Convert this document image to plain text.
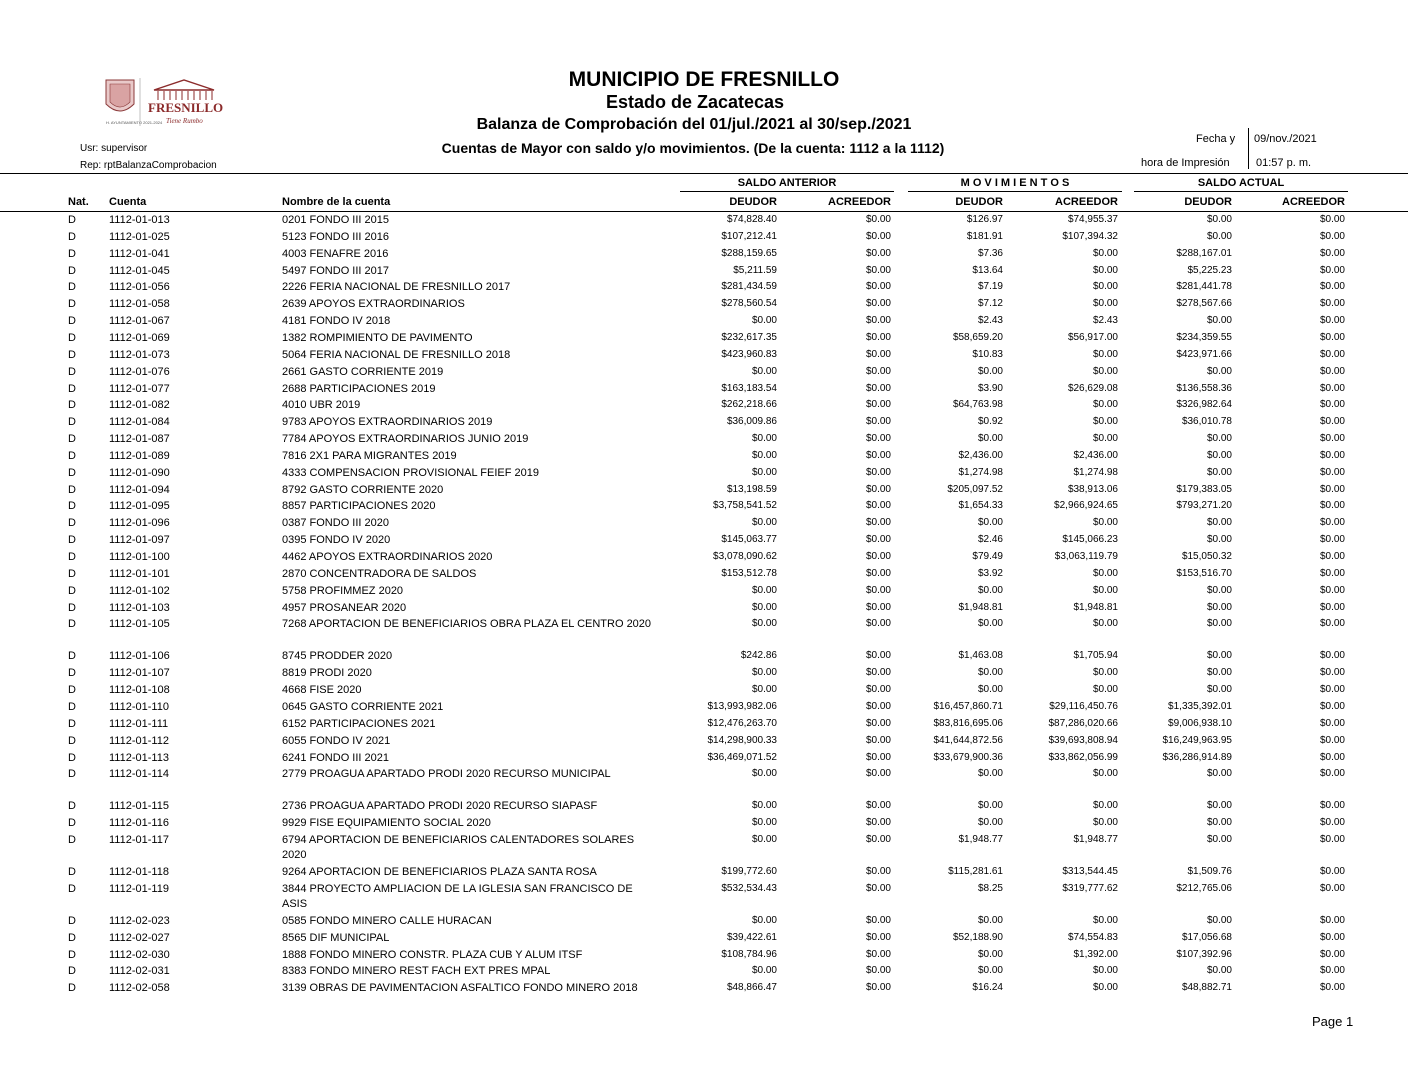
H. AYUNTAMIENTO 2021-2024
FRESNILLO
Tiene Rumbo
MUNICIPIO DE FRESNILLO
Estado de Zacatecas
Balanza de Comprobación del 01/jul./2021 al 30/sep./2021
Cuentas de Mayor con saldo y/o movimientos. (De la cuenta: 1112 a la 1112)
Usr: supervisor
Rep: rptBalanzaComprobacion
Fecha y 09/nov./2021
hora de Impresión 01:57 p. m.
SALDO ANTERIOR	M O V I M I E N T O S	SALDO ACTUAL
Nat. Cuenta	Nombre de la cuenta	DEUDOR	ACREEDOR	DEUDOR	ACREEDOR	DEUDOR	ACREEDOR
D	1112-01-013	0201 FONDO III 2015	$74,828.40	$0.00	$126.97	$74,955.37	$0.00	$0.00
D	1112-01-025	5123 FONDO III 2016	$107,212.41	$0.00	$181.91	$107,394.32	$0.00	$0.00
D	1112-01-041	4003 FENAFRE 2016	$288,159.65	$0.00	$7.36	$0.00	$288,167.01	$0.00
D	1112-01-045	5497 FONDO III 2017	$5,211.59	$0.00	$13.64	$0.00	$5,225.23	$0.00
D	1112-01-056	2226 FERIA NACIONAL DE FRESNILLO 2017	$281,434.59	$0.00	$7.19	$0.00	$281,441.78	$0.00
D	1112-01-058	2639 APOYOS EXTRAORDINARIOS	$278,560.54	$0.00	$7.12	$0.00	$278,567.66	$0.00
D	1112-01-067	4181 FONDO IV 2018	$0.00	$0.00	$2.43	$2.43	$0.00	$0.00
D	1112-01-069	1382 ROMPIMIENTO DE PAVIMENTO	$232,617.35	$0.00	$58,659.20	$56,917.00	$234,359.55	$0.00
D	1112-01-073	5064 FERIA NACIONAL DE FRESNILLO 2018	$423,960.83	$0.00	$10.83	$0.00	$423,971.66	$0.00
D	1112-01-076	2661 GASTO CORRIENTE 2019	$0.00	$0.00	$0.00	$0.00	$0.00	$0.00
D	1112-01-077	2688 PARTICIPACIONES 2019	$163,183.54	$0.00	$3.90	$26,629.08	$136,558.36	$0.00
D	1112-01-082	4010 UBR 2019	$262,218.66	$0.00	$64,763.98	$0.00	$326,982.64	$0.00
D	1112-01-084	9783 APOYOS EXTRAORDINARIOS 2019	$36,009.86	$0.00	$0.92	$0.00	$36,010.78	$0.00
D	1112-01-087	7784 APOYOS EXTRAORDINARIOS JUNIO 2019	$0.00	$0.00	$0.00	$0.00	$0.00	$0.00
D	1112-01-089	7816 2X1 PARA MIGRANTES 2019	$0.00	$0.00	$2,436.00	$2,436.00	$0.00	$0.00
D	1112-01-090	4333 COMPENSACION PROVISIONAL FEIEF 2019	$0.00	$0.00	$1,274.98	$1,274.98	$0.00	$0.00
D	1112-01-094	8792 GASTO CORRIENTE 2020	$13,198.59	$0.00	$205,097.52	$38,913.06	$179,383.05	$0.00
D	1112-01-095	8857 PARTICIPACIONES 2020	$3,758,541.52	$0.00	$1,654.33	$2,966,924.65	$793,271.20	$0.00
D	1112-01-096	0387 FONDO III 2020	$0.00	$0.00	$0.00	$0.00	$0.00	$0.00
D	1112-01-097	0395 FONDO IV 2020	$145,063.77	$0.00	$2.46	$145,066.23	$0.00	$0.00
D	1112-01-100	4462 APOYOS EXTRAORDINARIOS 2020	$3,078,090.62	$0.00	$79.49	$3,063,119.79	$15,050.32	$0.00
D	1112-01-101	2870 CONCENTRADORA DE SALDOS	$153,512.78	$0.00	$3.92	$0.00	$153,516.70	$0.00
D	1112-01-102	5758 PROFIMMEZ 2020	$0.00	$0.00	$0.00	$0.00	$0.00	$0.00
D	1112-01-103	4957 PROSANEAR 2020	$0.00	$0.00	$1,948.81	$1,948.81	$0.00	$0.00
D	1112-01-105	7268 APORTACION DE BENEFICIARIOS OBRA PLAZA EL CENTRO 2020	$0.00	$0.00	$0.00	$0.00	$0.00	$0.00
D	1112-01-106	8745 PRODDER 2020	$242.86	$0.00	$1,463.08	$1,705.94	$0.00	$0.00
D	1112-01-107	8819 PRODI 2020	$0.00	$0.00	$0.00	$0.00	$0.00	$0.00
D	1112-01-108	4668 FISE 2020	$0.00	$0.00	$0.00	$0.00	$0.00	$0.00
D	1112-01-110	0645 GASTO CORRIENTE 2021	$13,993,982.06	$0.00	$16,457,860.71	$29,116,450.76	$1,335,392.01	$0.00
D	1112-01-111	6152 PARTICIPACIONES 2021	$12,476,263.70	$0.00	$83,816,695.06	$87,286,020.66	$9,006,938.10	$0.00
D	1112-01-112	6055 FONDO IV 2021	$14,298,900.33	$0.00	$41,644,872.56	$39,693,808.94	$16,249,963.95	$0.00
D	1112-01-113	6241 FONDO III 2021	$36,469,071.52	$0.00	$33,679,900.36	$33,862,056.99	$36,286,914.89	$0.00
D	1112-01-114	2779 PROAGUA APARTADO PRODI 2020 RECURSO MUNICIPAL	$0.00	$0.00	$0.00	$0.00	$0.00	$0.00
D	1112-01-115	2736 PROAGUA APARTADO PRODI 2020 RECURSO SIAPASF	$0.00	$0.00	$0.00	$0.00	$0.00	$0.00
D	1112-01-116	9929 FISE EQUIPAMIENTO SOCIAL 2020	$0.00	$0.00	$0.00	$0.00	$0.00	$0.00
D	1112-01-117	6794 APORTACION DE BENEFICIARIOS CALENTADORES SOLARES 2020
$0.00	$0.00	$1,948.77	$1,948.77	$0.00	$0.00
D	1112-01-118	9264 APORTACION DE BENEFICIARIOS PLAZA SANTA ROSA	$199,772.60	$0.00	$115,281.61	$313,544.45	$1,509.76	$0.00
D	1112-01-119	3844 PROYECTO AMPLIACION DE LA IGLESIA SAN FRANCISCO DE ASIS
$532,534.43	$0.00	$8.25	$319,777.62	$212,765.06	$0.00
D	1112-02-023	0585 FONDO MINERO CALLE HURACAN	$0.00	$0.00	$0.00	$0.00	$0.00	$0.00
D	1112-02-027	8565 DIF MUNICIPAL	$39,422.61	$0.00	$52,188.90	$74,554.83	$17,056.68	$0.00
D	1112-02-030	1888 FONDO MINERO CONSTR. PLAZA CUB Y ALUM ITSF	$108,784.96	$0.00	$0.00	$1,392.00	$107,392.96	$0.00
D	1112-02-031	8383 FONDO MINERO REST FACH EXT PRES MPAL	$0.00	$0.00	$0.00	$0.00	$0.00	$0.00
D	1112-02-058	3139 OBRAS DE PAVIMENTACION ASFALTICO FONDO MINERO 2018	$48,866.47	$0.00	$16.24	$0.00	$48,882.71	$0.00
Page 1
